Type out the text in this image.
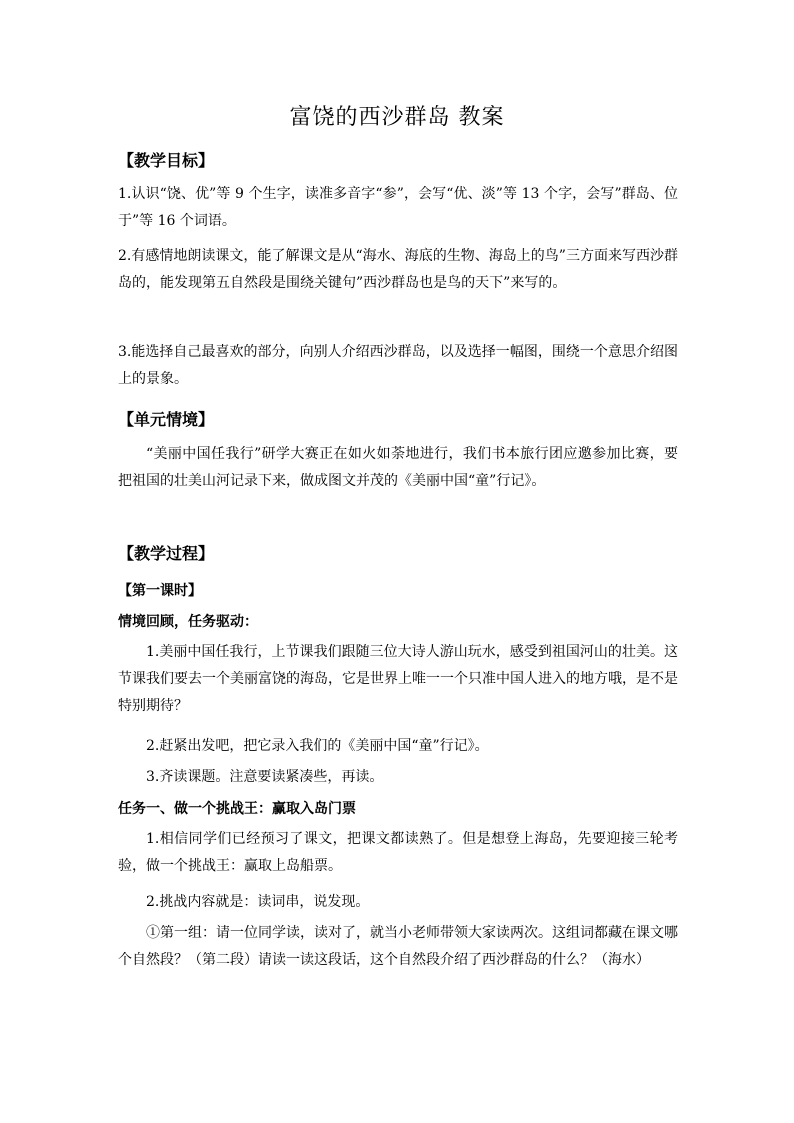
富饶的西沙群岛 教案
【教学目标】
1.认识“饶、优”等 9 个生字，读准多音字“参”，会写“优、淡”等 13 个字，会写”群岛、位于”等 16 个词语。
2.有感情地朗读课文，能了解课文是从“海水、海底的生物、海岛上的鸟”三方面来写西沙群岛的，能发现第五自然段是围绕关键句”西沙群岛也是鸟的天下”来写的。
3.能选择自己最喜欢的部分，向别人介绍西沙群岛，以及选择一幅图，围绕一个意思介绍图上的景象。
【单元情境】
“美丽中国任我行”研学大赛正在如火如荼地进行，我们书本旅行团应邀参加比赛，要把祖国的壮美山河记录下来，做成图文并茂的《美丽中国“童”行记》。
【教学过程】
【第一课时】
情境回顾，任务驱动：
1.美丽中国任我行，上节课我们跟随三位大诗人游山玩水，感受到祖国河山的壮美。这节课我们要去一个美丽富饶的海岛，它是世界上唯一一个只准中国人进入的地方哦，是不是特别期待？
2.赶紧出发吧，把它录入我们的《美丽中国“童”行记》。
3.齐读课题。注意要读紧凑些，再读。
任务一、做一个挑战王：赢取入岛门票
1.相信同学们已经预习了课文，把课文都读熟了。但是想登上海岛，先要迎接三轮考验，做一个挑战王：赢取上岛船票。
2.挑战内容就是：读词串，说发现。
①第一组：请一位同学读，读对了，就当小老师带领大家读两次。这组词都藏在课文哪个自然段？（第二段）请读一读这段话，这个自然段介绍了西沙群岛的什么？（海水）
